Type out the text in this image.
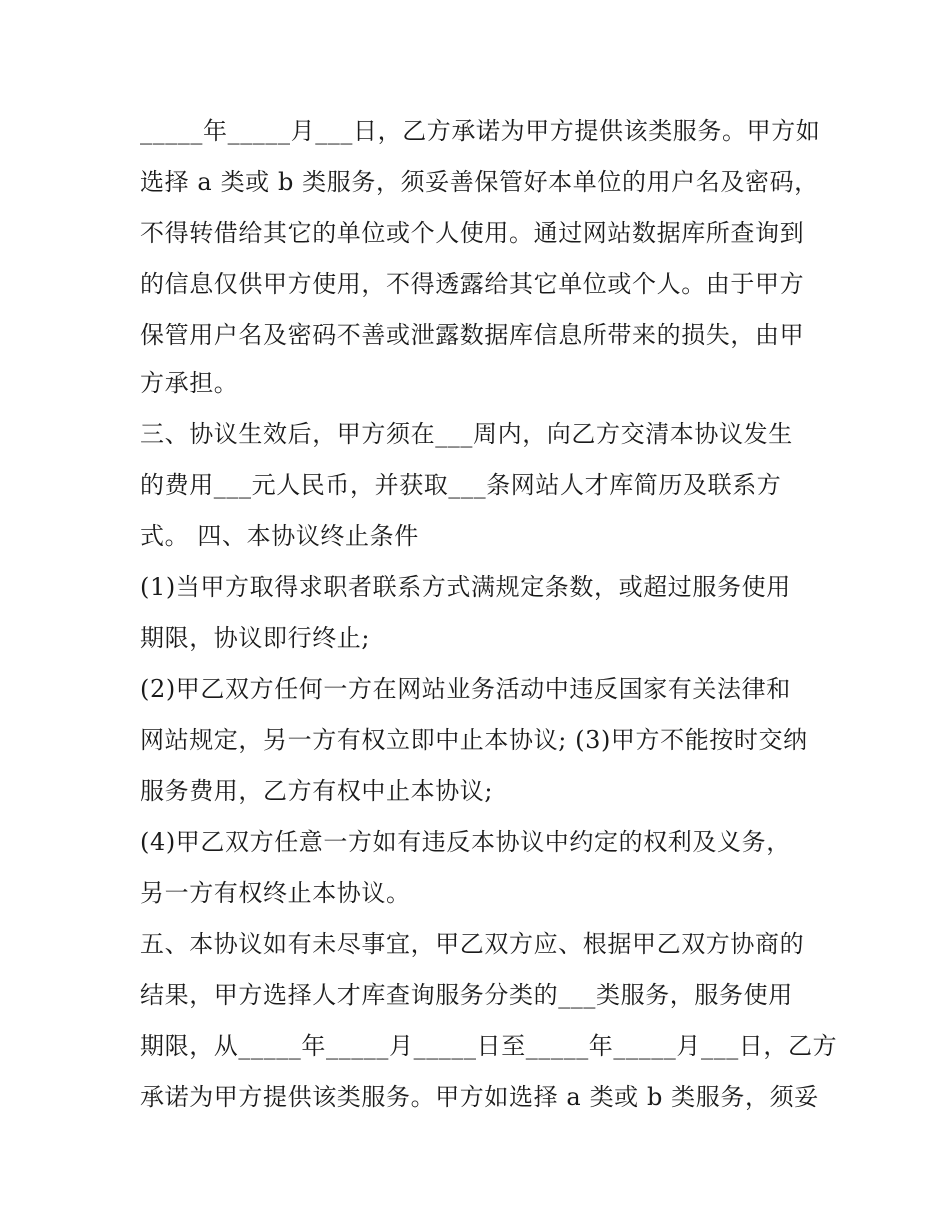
_____年_____月___日，乙方承诺为甲方提供该类服务。甲方如
选择 a 类或 b 类服务，须妥善保管好本单位的用户名及密码，
不得转借给其它的单位或个人使用。通过网站数据库所查询到
的信息仅供甲方使用，不得透露给其它单位或个人。由于甲方
保管用户名及密码不善或泄露数据库信息所带来的损失，由甲
方承担。
三、协议生效后，甲方须在___周内，向乙方交清本协议发生
的费用___元人民币，并获取___条网站人才库简历及联系方
式。 四、本协议终止条件
(1)当甲方取得求职者联系方式满规定条数，或超过服务使用
期限，协议即行终止;
(2)甲乙双方任何一方在网站业务活动中违反国家有关法律和
网站规定，另一方有权立即中止本协议; (3)甲方不能按时交纳
服务费用，乙方有权中止本协议;
(4)甲乙双方任意一方如有违反本协议中约定的权利及义务，
另一方有权终止本协议。
五、本协议如有未尽事宜，甲乙双方应、根据甲乙双方协商的
结果，甲方选择人才库查询服务分类的___类服务，服务使用
期限，从_____年_____月_____日至_____年_____月___日，乙方
承诺为甲方提供该类服务。甲方如选择 a 类或 b 类服务，须妥
